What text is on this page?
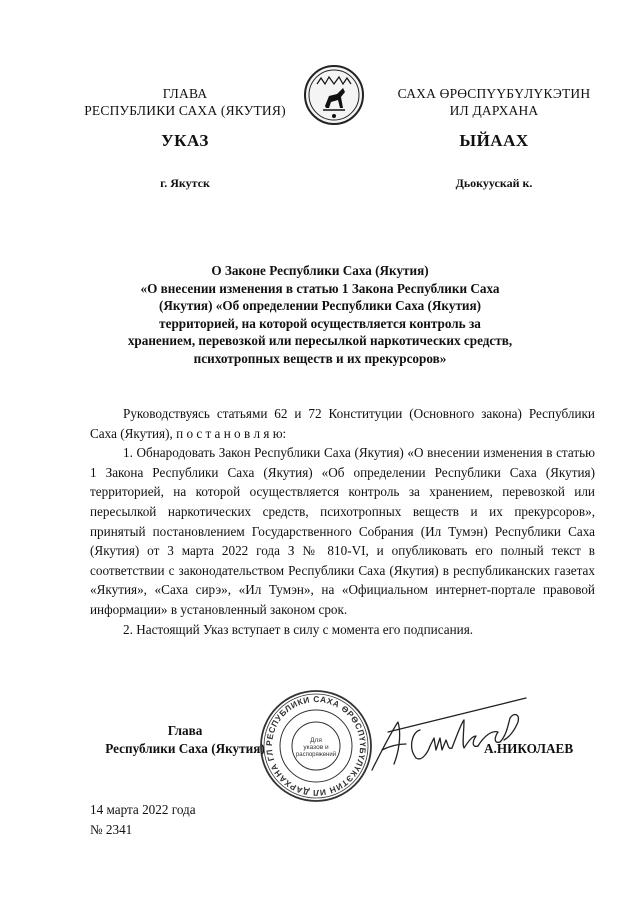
ГЛАВА
РЕСПУБЛИКИ САХА (ЯКУТИЯ)
САХА ӨРӨСПҮҮБҮЛҮКЭТИН
ИЛ ДАРХАНА
УКАЗ	ЫЙААХ
г. Якутск	Дьокуускай к.
О Законе Республики Саха (Якутия)
«О внесении изменения в статью 1 Закона Республики Саха
(Якутия) «Об определении Республики Саха (Якутия)
территорией, на которой осуществляется контроль за
хранением, перевозкой или пересылкой наркотических средств,
психотропных веществ и их прекурсоров»

Руководствуясь статьями 62 и 72 Конституции (Основного закона) Республики Саха (Якутия), п о с т а н о в л я ю:

1. Обнародовать Закон Республики Саха (Якутия) «О внесении изменения в статью 1 Закона Республики Саха (Якутия) «Об определении Республики Саха (Якутия) территорией, на которой осуществляется контроль за хранением, перевозкой или пересылкой наркотических средств, психотропных веществ и их прекурсоров», принятый постановлением Государственного Собрания (Ил Тумэн) Республики Саха (Якутия) от 3 марта 2022 года З № 810-VI, и опубликовать его полный текст в соответствии с законодательством Республики Саха (Якутия) в республиканских газетах «Якутия», «Саха сирэ», «Ил Тумэн», на «Официальном интернет-портале правовой информации» в установленный законом срок.

2. Настоящий Указ вступает в силу с момента его подписания.

Глава
Республики Саха (Якутия) РЕСПУБЛИКИ САХА ӨРӨСПҮҮБҮЛҮКЭТИН ИЛ ДАРХАНА ГЛ
Для
указов и
распоряжений	А.НИКОЛАЕВ
14 марта 2022 года
№ 2341
